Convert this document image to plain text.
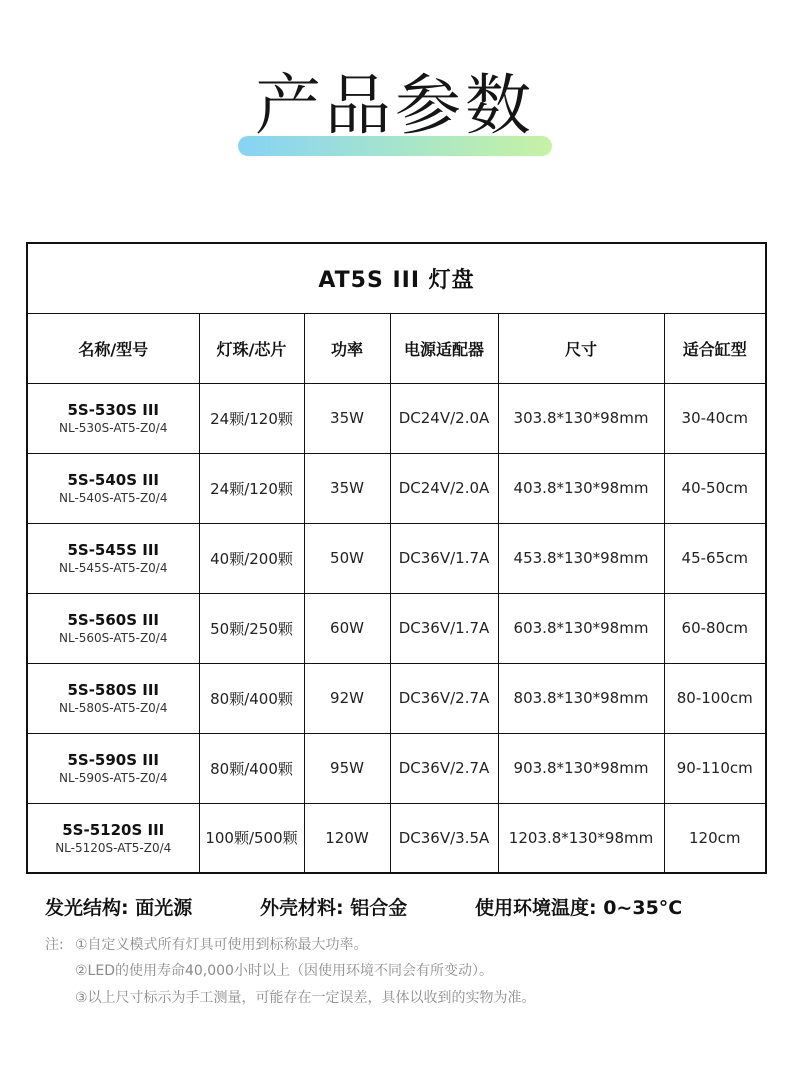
产品参数
AT5S III 灯盘					
名称/型号	灯珠/芯片	功率	电源适配器	尺寸	适合缸型

5S-530S III
NL-530S-AT5-Z0/4	24颗/120颗	35W	DC24V/2.0A	303.8*130*98mm	30-40cm

5S-540S III
NL-540S-AT5-Z0/4	24颗/120颗	35W	DC24V/2.0A	403.8*130*98mm	40-50cm

5S-545S III
NL-545S-AT5-Z0/4	40颗/200颗	50W	DC36V/1.7A	453.8*130*98mm	45-65cm

5S-560S III
NL-560S-AT5-Z0/4	50颗/250颗	60W	DC36V/1.7A	603.8*130*98mm	60-80cm

5S-580S III
NL-580S-AT5-Z0/4	80颗/400颗	92W	DC36V/2.7A	803.8*130*98mm	80-100cm

5S-590S III
NL-590S-AT5-Z0/4	80颗/400颗	95W	DC36V/2.7A	903.8*130*98mm	90-110cm

5S-5120S III
NL-5120S-AT5-Z0/4	100颗/500颗	120W	DC36V/3.5A	1203.8*130*98mm	120cm
发光结构: 面光源	外壳材料: 铝合金	使用环境温度: 0~35°C
注: ①自定义模式所有灯具可使用到标称最大功率。
②LED的使用寿命40,000小时以上（因使用环境不同会有所变动）。
③以上尺寸标示为手工测量，可能存在一定误差，具体以收到的实物为准。
